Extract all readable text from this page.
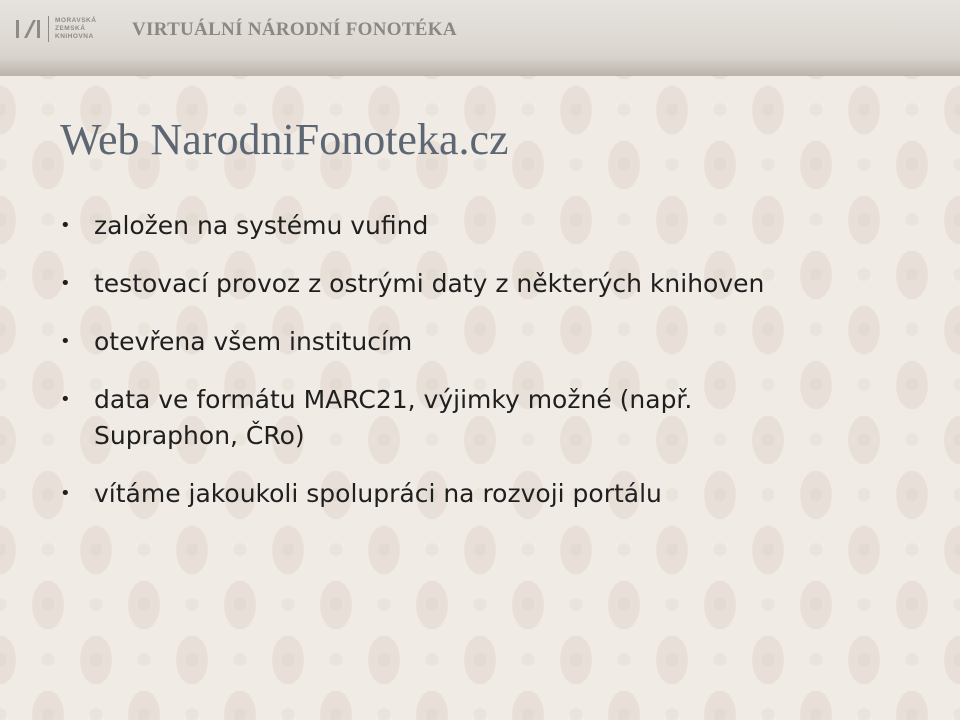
MORAVSKÁ
ZEMSKÁ
KNIHOVNA VIRTUÁLNÍ NÁRODNÍ FONOTÉKA
Web NarodniFonoteka.cz
• založen na systému vufind
• testovací provoz z ostrými daty z některých knihoven
• otevřena všem institucím
• data ve formátu MARC21, výjimky možné (např. Supraphon, ČRo)
• vítáme jakoukoli spolupráci na rozvoji portálu
